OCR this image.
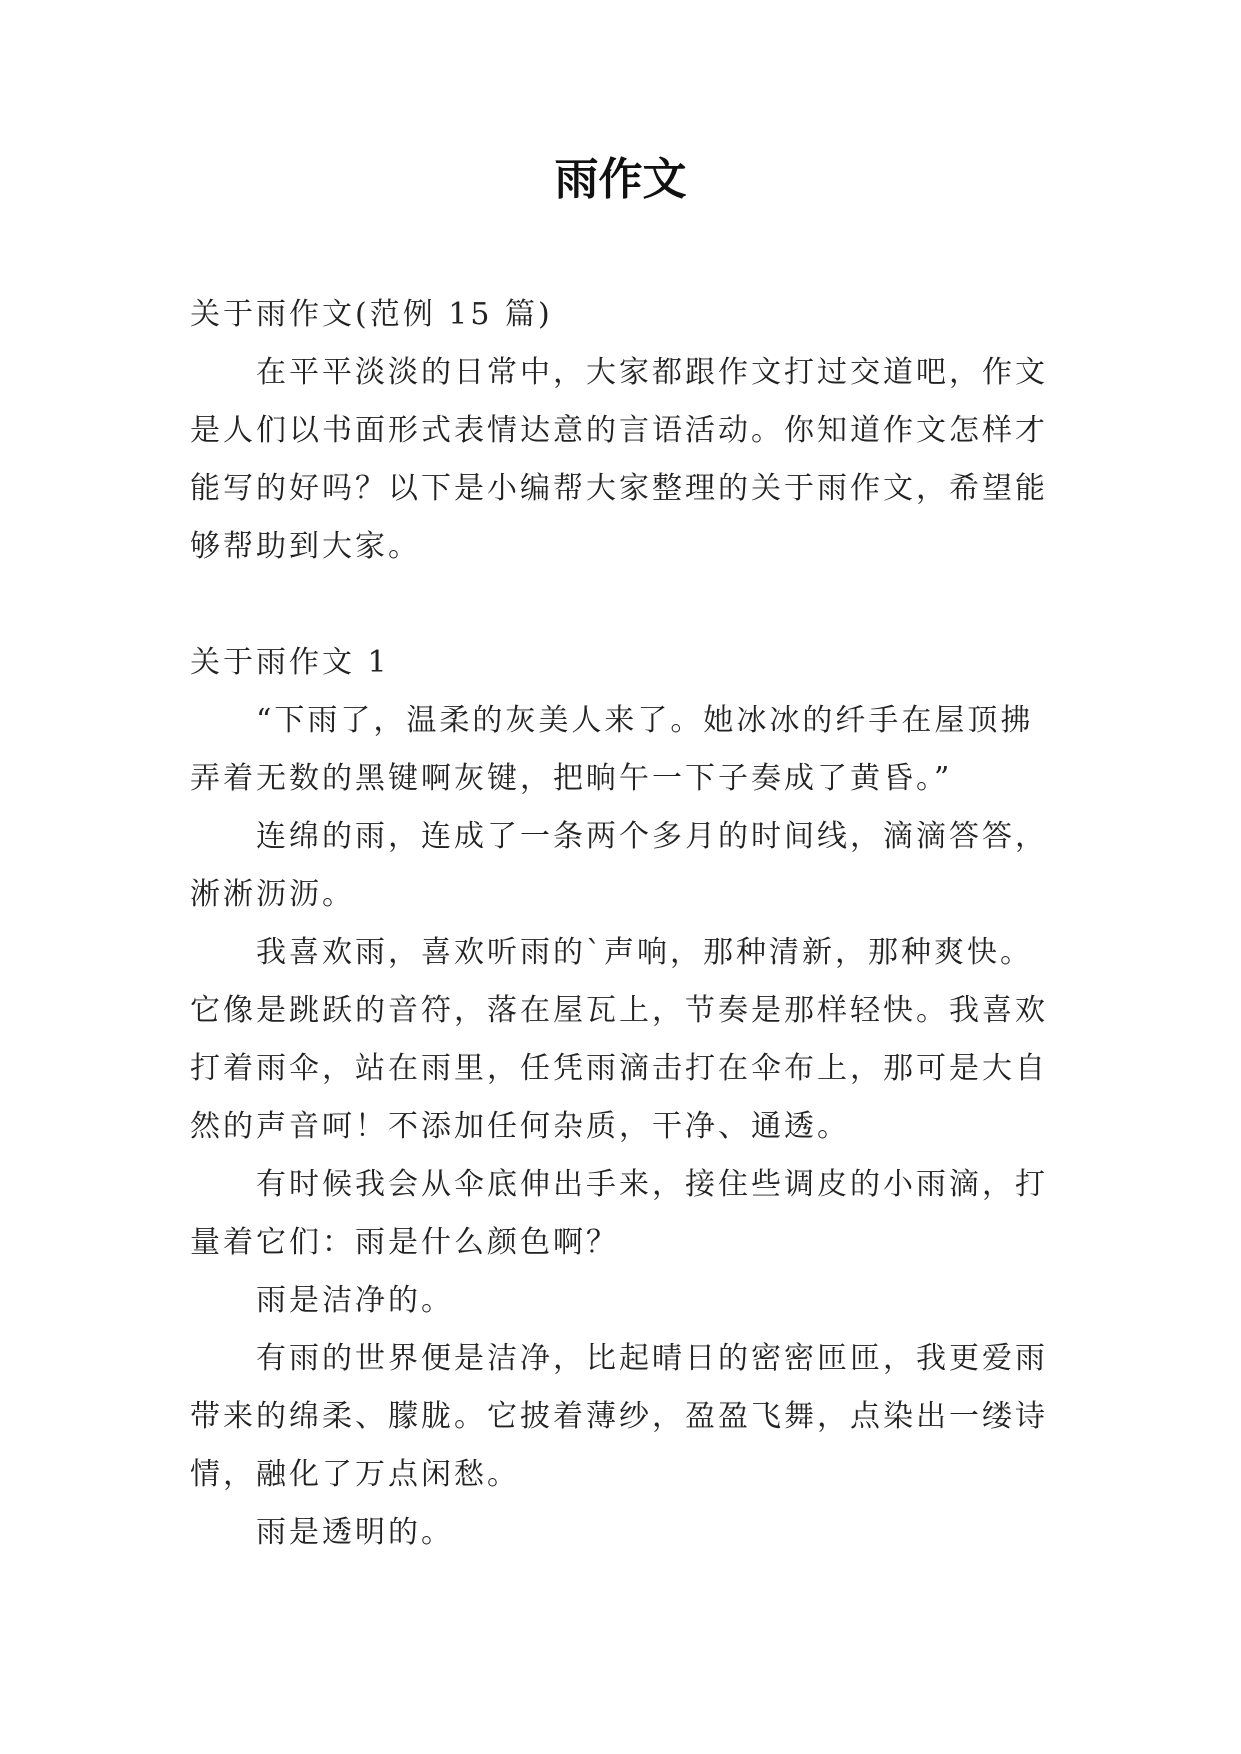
雨作文

关于雨作文(范例 15 篇)

在平平淡淡的日常中，大家都跟作文打过交道吧，作文是人们以书面形式表情达意的言语活动。你知道作文怎样才能写的好吗？以下是小编帮大家整理的关于雨作文，希望能够帮助到大家。

关于雨作文 1

“下雨了，温柔的灰美人来了。她冰冰的纤手在屋顶拂弄着无数的黑键啊灰键，把晌午一下子奏成了黄昏。”

连绵的雨，连成了一条两个多月的时间线，滴滴答答，淅淅沥沥。

我喜欢雨，喜欢听雨的`声响，那种清新，那种爽快。它像是跳跃的音符，落在屋瓦上，节奏是那样轻快。我喜欢打着雨伞，站在雨里，任凭雨滴击打在伞布上，那可是大自然的声音呵！不添加任何杂质，干净、通透。

有时候我会从伞底伸出手来，接住些调皮的小雨滴，打量着它们：雨是什么颜色啊？

雨是洁净的。

有雨的世界便是洁净，比起晴日的密密匝匝，我更爱雨带来的绵柔、朦胧。它披着薄纱，盈盈飞舞，点染出一缕诗情，融化了万点闲愁。

雨是透明的。
